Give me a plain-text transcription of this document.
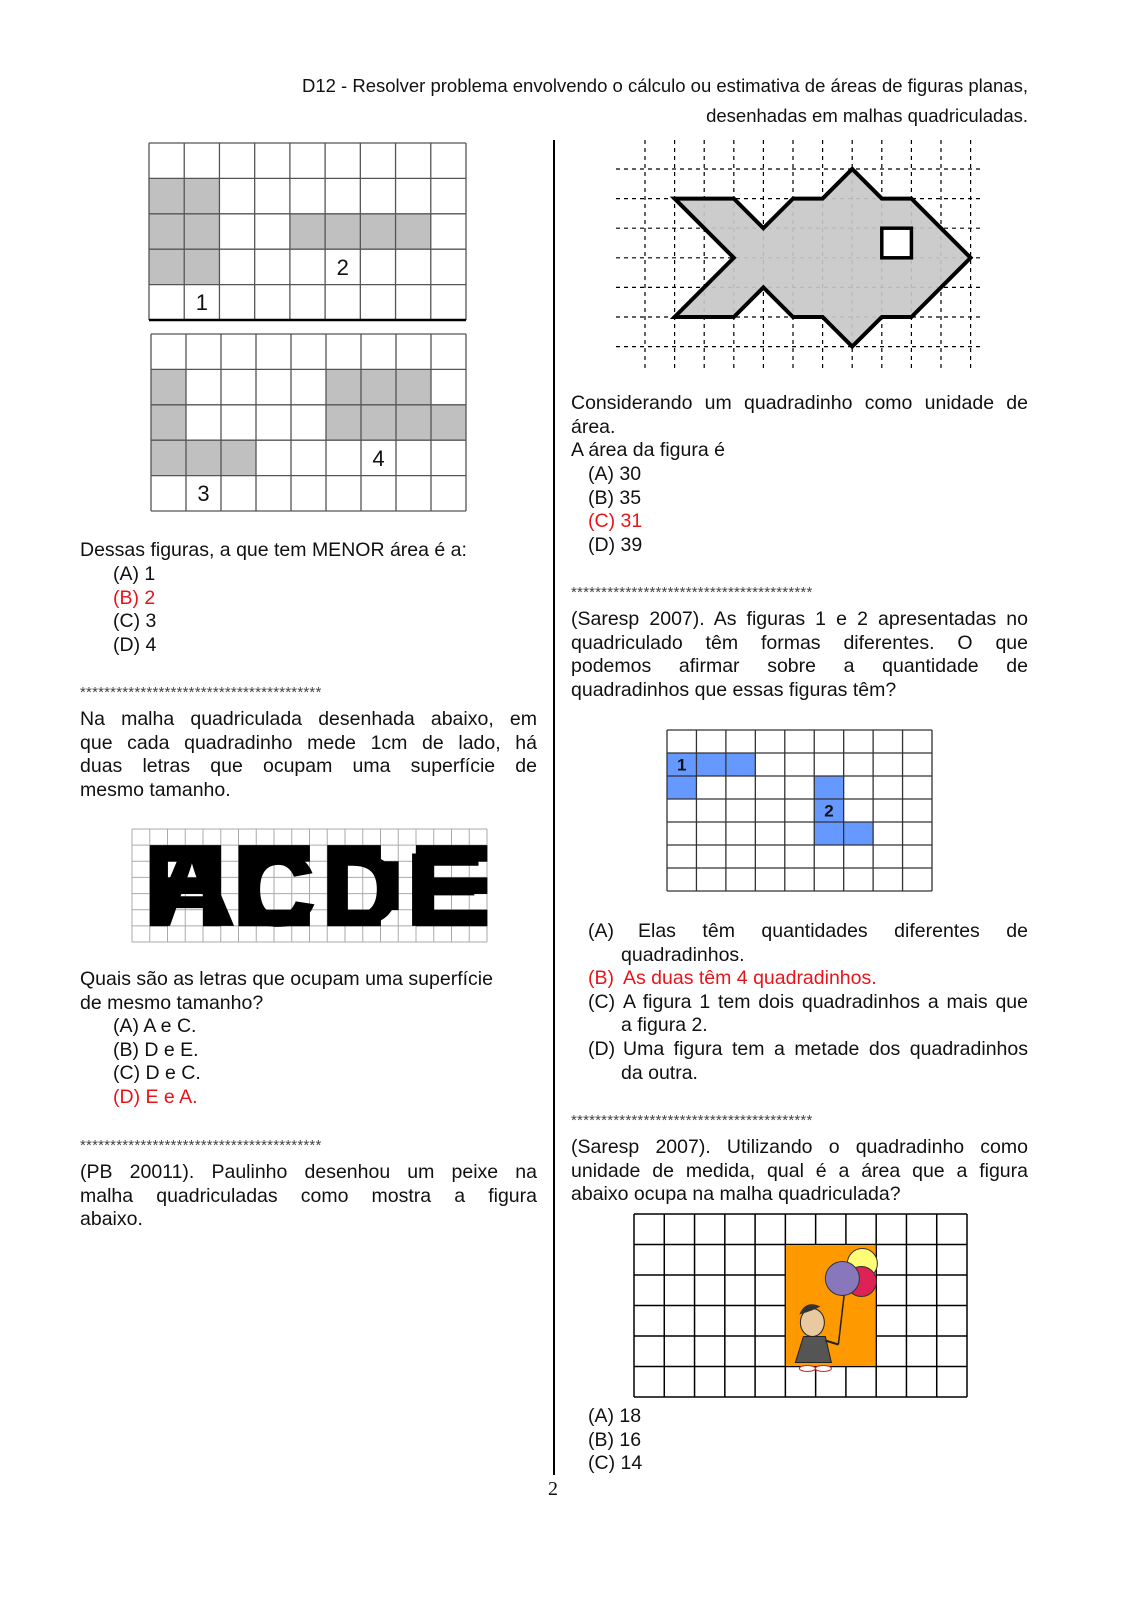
D12 - Resolver problema envolvendo o cálculo ou estimativa de áreas de figuras planas,
desenhadas em malhas quadriculadas.
1
2
3
4
Dessas figuras, a que tem MENOR área é a:
(A) 1
(B) 2
(C) 3
(D) 4
****************************************
Na malha quadriculada desenhada abaixo, em
que cada quadradinho mede 1cm de lado, há
duas letras que ocupam uma superfície de
mesmo tamanho.
ACDE
Quais são as letras que ocupam uma superfície
de mesmo tamanho?
(A) A e C.
(B) D e E.
(C) D e C.
(D) E e A.
****************************************
(PB 20011). Paulinho desenhou um peixe na
malha quadriculadas como mostra a figura
abaixo.
Considerando um quadradinho como unidade de
área.
A área da figura é
(A) 30
(B) 35
(C) 31
(D) 39
****************************************
(Saresp 2007). As figuras 1 e 2 apresentadas no
quadriculado têm formas diferentes. O que
podemos afirmar sobre a quantidade de
quadradinhos que essas figuras têm?
1
2
(A) Elas têm quantidades diferentes de
quadradinhos.
(B) As duas têm 4 quadradinhos.
(C) A figura 1 tem dois quadradinhos a mais que
a figura 2.
(D) Uma figura tem a metade dos quadradinhos
da outra.
****************************************
(Saresp 2007). Utilizando o quadradinho como
unidade de medida, qual é a área que a figura
abaixo ocupa na malha quadriculada?
(A) 18
(B) 16
(C) 14
2
